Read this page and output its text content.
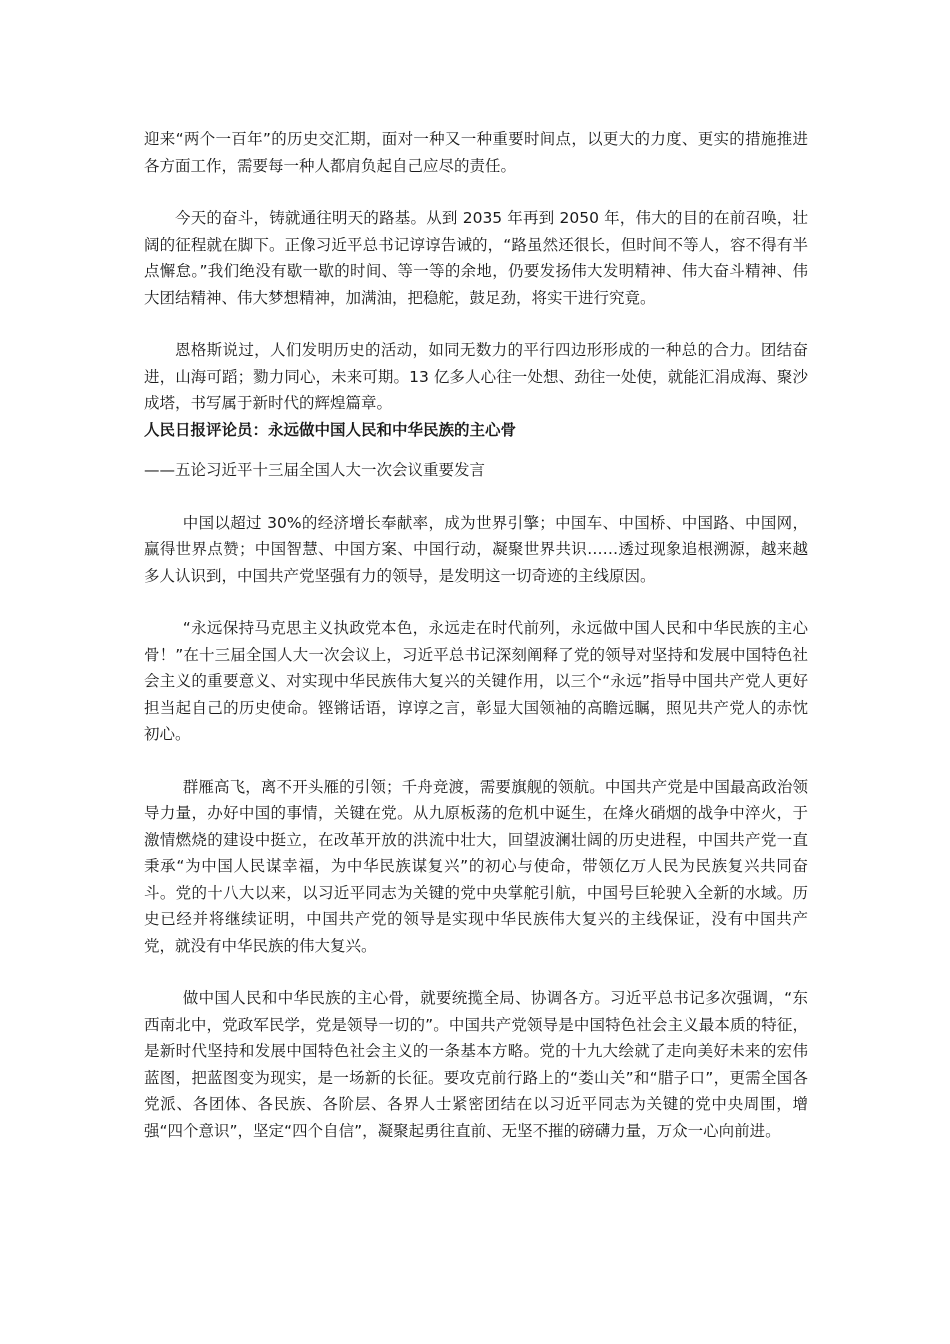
迎来“两个一百年”的历史交汇期，面对一种又一种重要时间点，以更大的力度、更实的措施推进各方面工作，需要每一种人都肩负起自己应尽的责任。

今天的奋斗，铸就通往明天的路基。从到 2035 年再到 2050 年，伟大的目的在前召唤，壮阔的征程就在脚下。正像习近平总书记谆谆告诫的，“路虽然还很长，但时间不等人，容不得有半点懈怠。”我们绝没有歇一歇的时间、等一等的余地，仍要发扬伟大发明精神、伟大奋斗精神、伟大团结精神、伟大梦想精神，加满油，把稳舵，鼓足劲，将实干进行究竟。

恩格斯说过，人们发明历史的活动，如同无数力的平行四边形形成的一种总的合力。团结奋进，山海可蹈；勠力同心，未来可期。13 亿多人心往一处想、劲往一处使，就能汇涓成海、聚沙成塔，书写属于新时代的辉煌篇章。

人民日报评论员：永远做中国人民和中华民族的主心骨

——五论习近平十三届全国人大一次会议重要发言

中国以超过 30%的经济增长奉献率，成为世界引擎；中国车、中国桥、中国路、中国网，赢得世界点赞；中国智慧、中国方案、中国行动，凝聚世界共识……透过现象追根溯源，越来越多人认识到，中国共产党坚强有力的领导，是发明这一切奇迹的主线原因。

“永远保持马克思主义执政党本色，永远走在时代前列，永远做中国人民和中华民族的主心骨！”在十三届全国人大一次会议上，习近平总书记深刻阐释了党的领导对坚持和发展中国特色社会主义的重要意义、对实现中华民族伟大复兴的关键作用，以三个“永远”指导中国共产党人更好担当起自己的历史使命。铿锵话语，谆谆之言，彰显大国领袖的高瞻远瞩，照见共产党人的赤忱初心。

群雁高飞，离不开头雁的引领；千舟竞渡，需要旗舰的领航。中国共产党是中国最高政治领导力量，办好中国的事情，关键在党。从九原板荡的危机中诞生，在烽火硝烟的战争中淬火，于激情燃烧的建设中挺立，在改革开放的洪流中壮大，回望波澜壮阔的历史进程，中国共产党一直秉承“为中国人民谋幸福，为中华民族谋复兴”的初心与使命，带领亿万人民为民族复兴共同奋斗。党的十八大以来，以习近平同志为关键的党中央掌舵引航，中国号巨轮驶入全新的水域。历史已经并将继续证明，中国共产党的领导是实现中华民族伟大复兴的主线保证，没有中国共产党，就没有中华民族的伟大复兴。

做中国人民和中华民族的主心骨，就要统揽全局、协调各方。习近平总书记多次强调，“东西南北中，党政军民学，党是领导一切的”。中国共产党领导是中国特色社会主义最本质的特征，是新时代坚持和发展中国特色社会主义的一条基本方略。党的十九大绘就了走向美好未来的宏伟蓝图，把蓝图变为现实，是一场新的长征。要攻克前行路上的“娄山关”和“腊子口”，更需全国各党派、各团体、各民族、各阶层、各界人士紧密团结在以习近平同志为关键的党中央周围，增强“四个意识”，坚定“四个自信”，凝聚起勇往直前、无坚不摧的磅礴力量，万众一心向前进。
